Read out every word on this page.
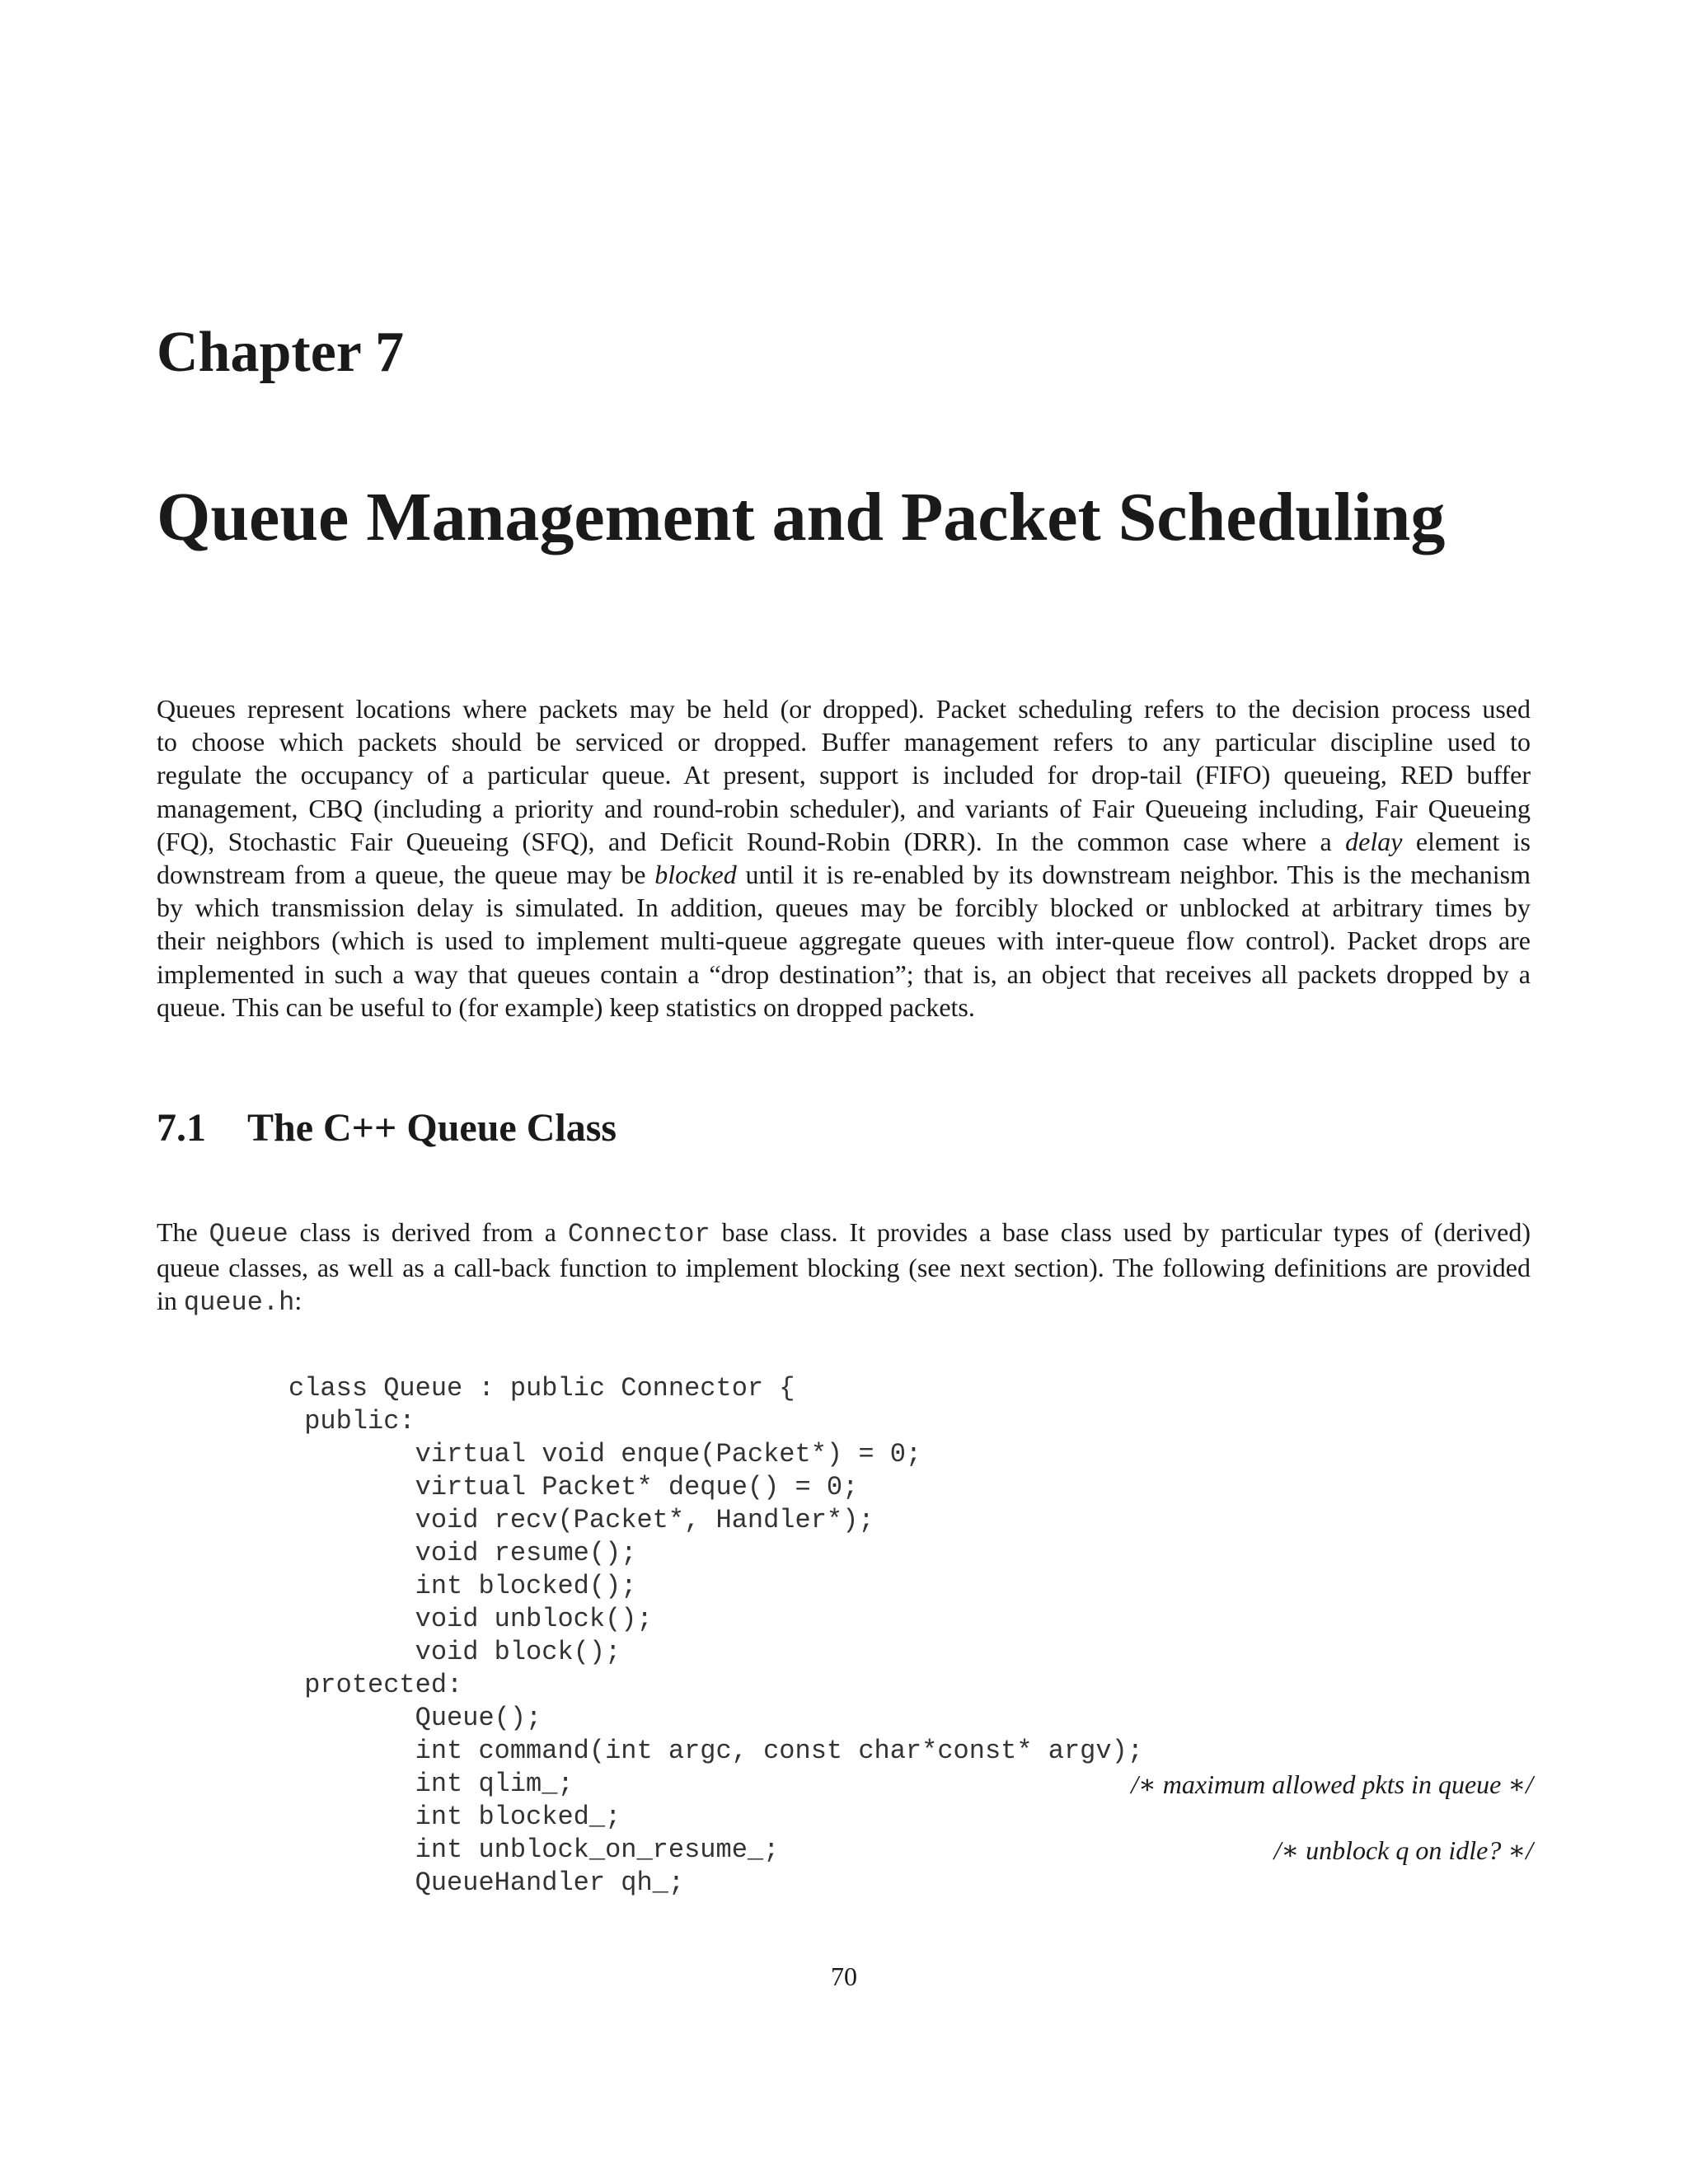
Chapter 7
Queue Management and Packet Scheduling
Queues represent locations where packets may be held (or dropped). Packet scheduling refers to the decision process used
to choose which packets should be serviced or dropped. Buffer management refers to any particular discipline used to
regulate the occupancy of a particular queue. At present, support is included for drop-tail (FIFO) queueing, RED buffer
management, CBQ (including a priority and round-robin scheduler), and variants of Fair Queueing including, Fair Queueing
(FQ), Stochastic Fair Queueing (SFQ), and Deficit Round-Robin (DRR). In the common case where a delay element is
downstream from a queue, the queue may be blocked until it is re-enabled by its downstream neighbor. This is the mechanism
by which transmission delay is simulated. In addition, queues may be forcibly blocked or unblocked at arbitrary times by
their neighbors (which is used to implement multi-queue aggregate queues with inter-queue flow control). Packet drops are
implemented in such a way that queues contain a “drop destination”; that is, an object that receives all packets dropped by a
queue. This can be useful to (for example) keep statistics on dropped packets.
7.1 The C++ Queue Class
The Queue class is derived from a Connector base class. It provides a base class used by particular types of (derived)
queue classes, as well as a call-back function to implement blocking (see next section). The following definitions are provided
in queue.h:
class Queue : public Connector {
public:
virtual void enque(Packet*) = 0;
virtual Packet* deque() = 0;
void recv(Packet*, Handler*);
void resume();
int blocked();
void unblock();
void block();
protected:
Queue();
int command(int argc, const char*const* argv);
int qlim_;	/∗ maximum allowed pkts in queue ∗/
int blocked_;
int unblock_on_resume_;	/∗ unblock q on idle? ∗/
QueueHandler qh_;
70
